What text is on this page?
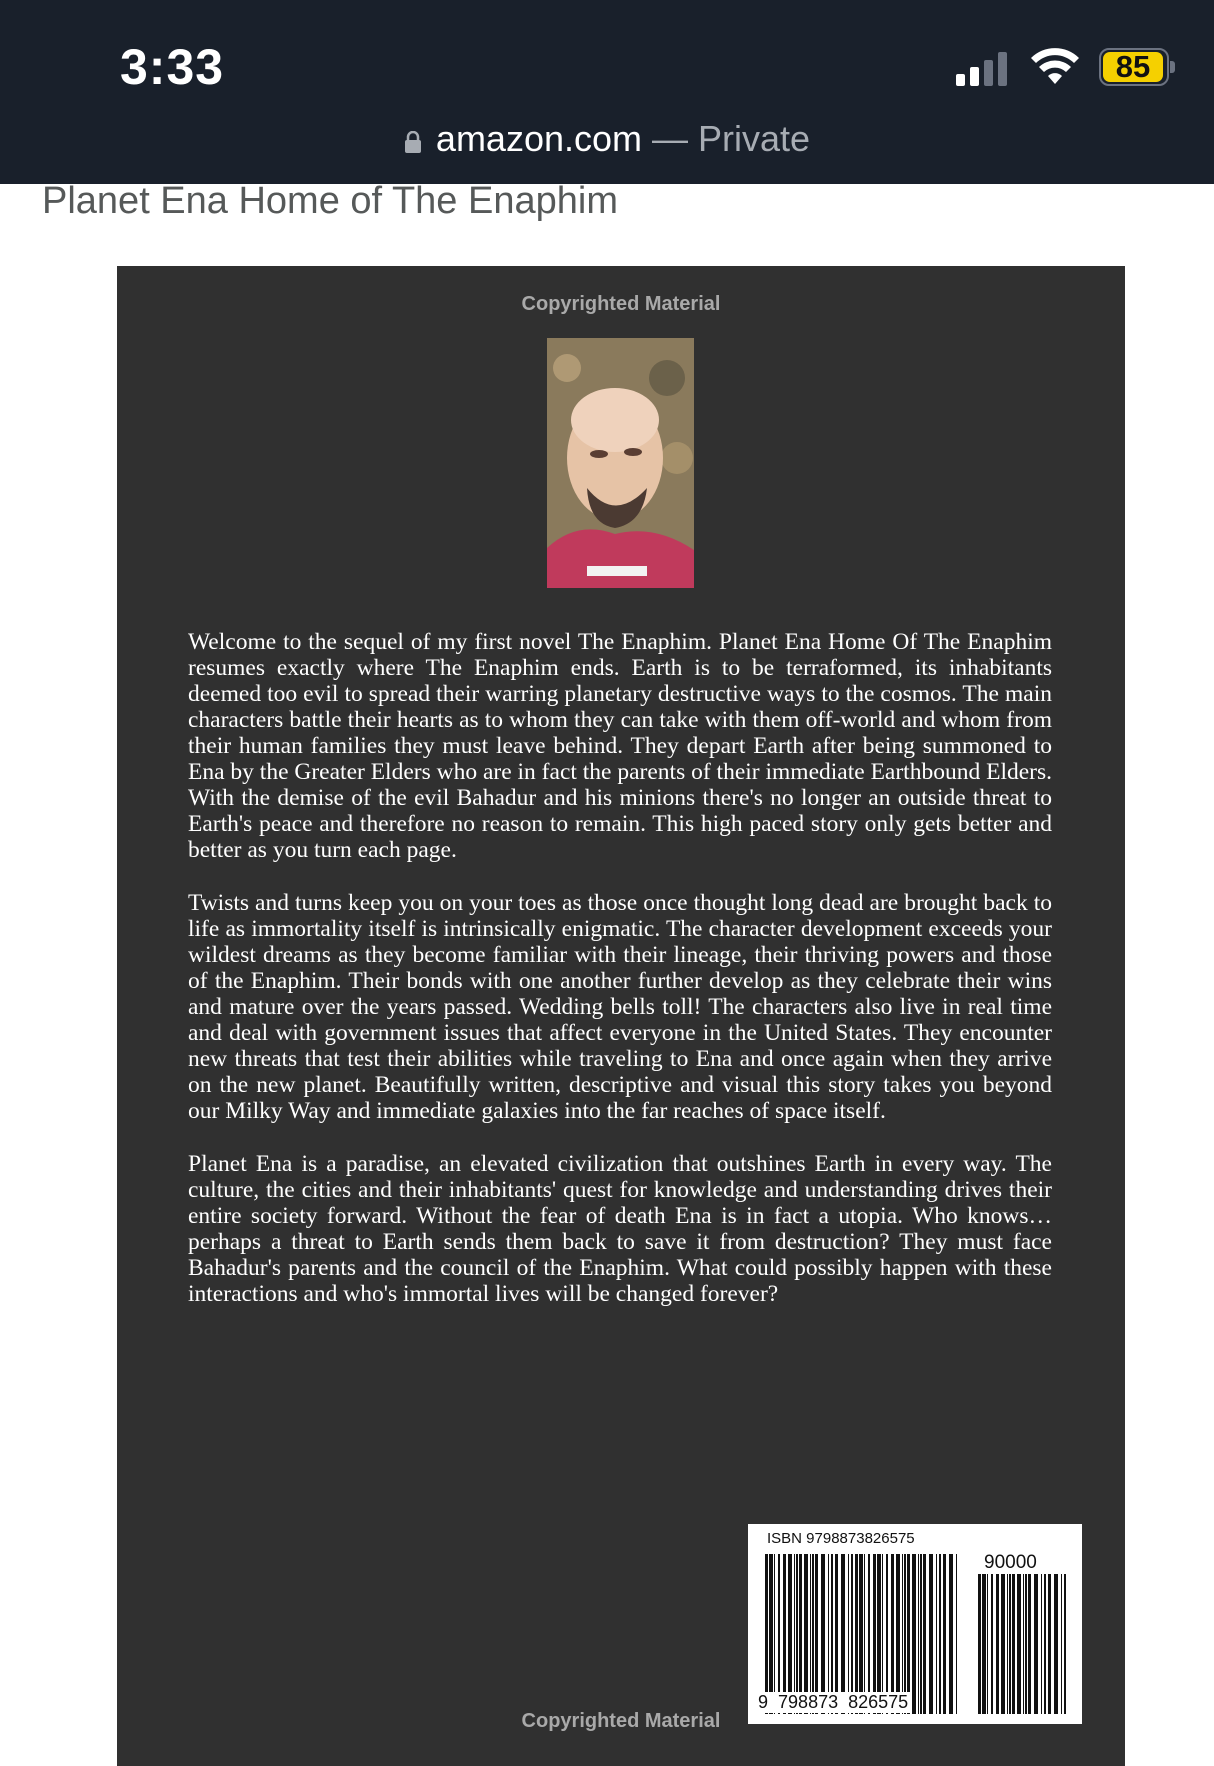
3:33	85
amazon.com — Private
Planet Ena Home of The Enaphim
Copyrighted Material

Welcome to the sequel of my first novel The Enaphim. Planet Ena Home Of The Enaphim resumes exactly where The Enaphim ends. Earth is to be terraformed, its inhabitants deemed too evil to spread their warring planetary destructive ways to the cosmos. The main characters battle their hearts as to whom they can take with them off-world and whom from their human families they must leave behind. They depart Earth after being summoned to Ena by the Greater Elders who are in fact the parents of their immediate Earthbound Elders. With the demise of the evil Bahadur and his minions there's no longer an outside threat to Earth's peace and therefore no reason to remain. This high paced story only gets better and better as you turn each page.

Twists and turns keep you on your toes as those once thought long dead are brought back to life as immortality itself is intrinsically enigmatic. The character development exceeds your wildest dreams as they become familiar with their lineage, their thriving powers and those of the Enaphim. Their bonds with one another further develop as they celebrate their wins and mature over the years passed. Wedding bells toll! The characters also live in real time and deal with government issues that affect everyone in the United States. They encounter new threats that test their abilities while traveling to Ena and once again when they arrive on the new planet. Beautifully written, descriptive and visual this story takes you beyond our Milky Way and immediate galaxies into the far reaches of space itself.

Planet Ena is a paradise, an elevated civilization that outshines Earth in every way. The culture, the cities and their inhabitants' quest for knowledge and understanding drives their entire society forward. Without the fear of death Ena is in fact a utopia. Who knows…perhaps a threat to Earth sends them back to save it from destruction? They must face Bahadur's parents and the council of the Enaphim. What could possibly happen with these interactions and who's immortal lives will be changed forever?

ISBN 9798873826575
90000
9 798873 826575
Copyrighted Material
